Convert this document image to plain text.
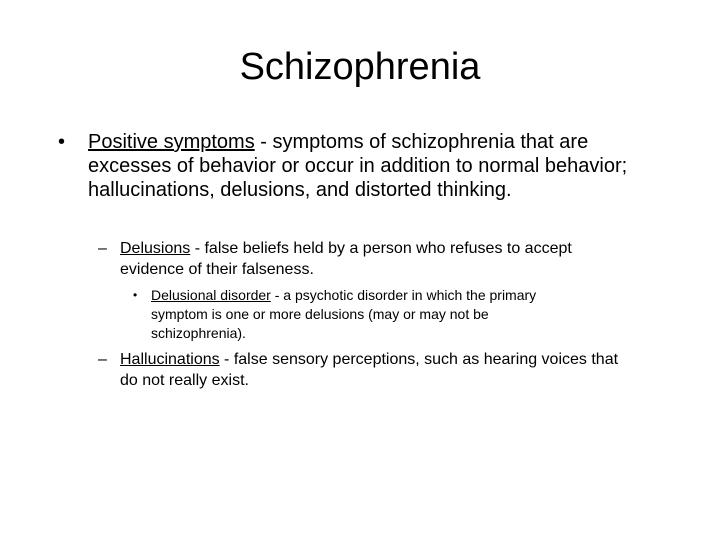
Schizophrenia
• Positive symptoms - symptoms of schizophrenia that are excesses of behavior or occur in addition to normal behavior; hallucinations, delusions, and distorted thinking.
– Delusions - false beliefs held by a person who refuses to accept evidence of their falseness.
• Delusional disorder - a psychotic disorder in which the primary symptom is one or more delusions (may or may not be schizophrenia).
– Hallucinations - false sensory perceptions, such as hearing voices that do not really exist.
